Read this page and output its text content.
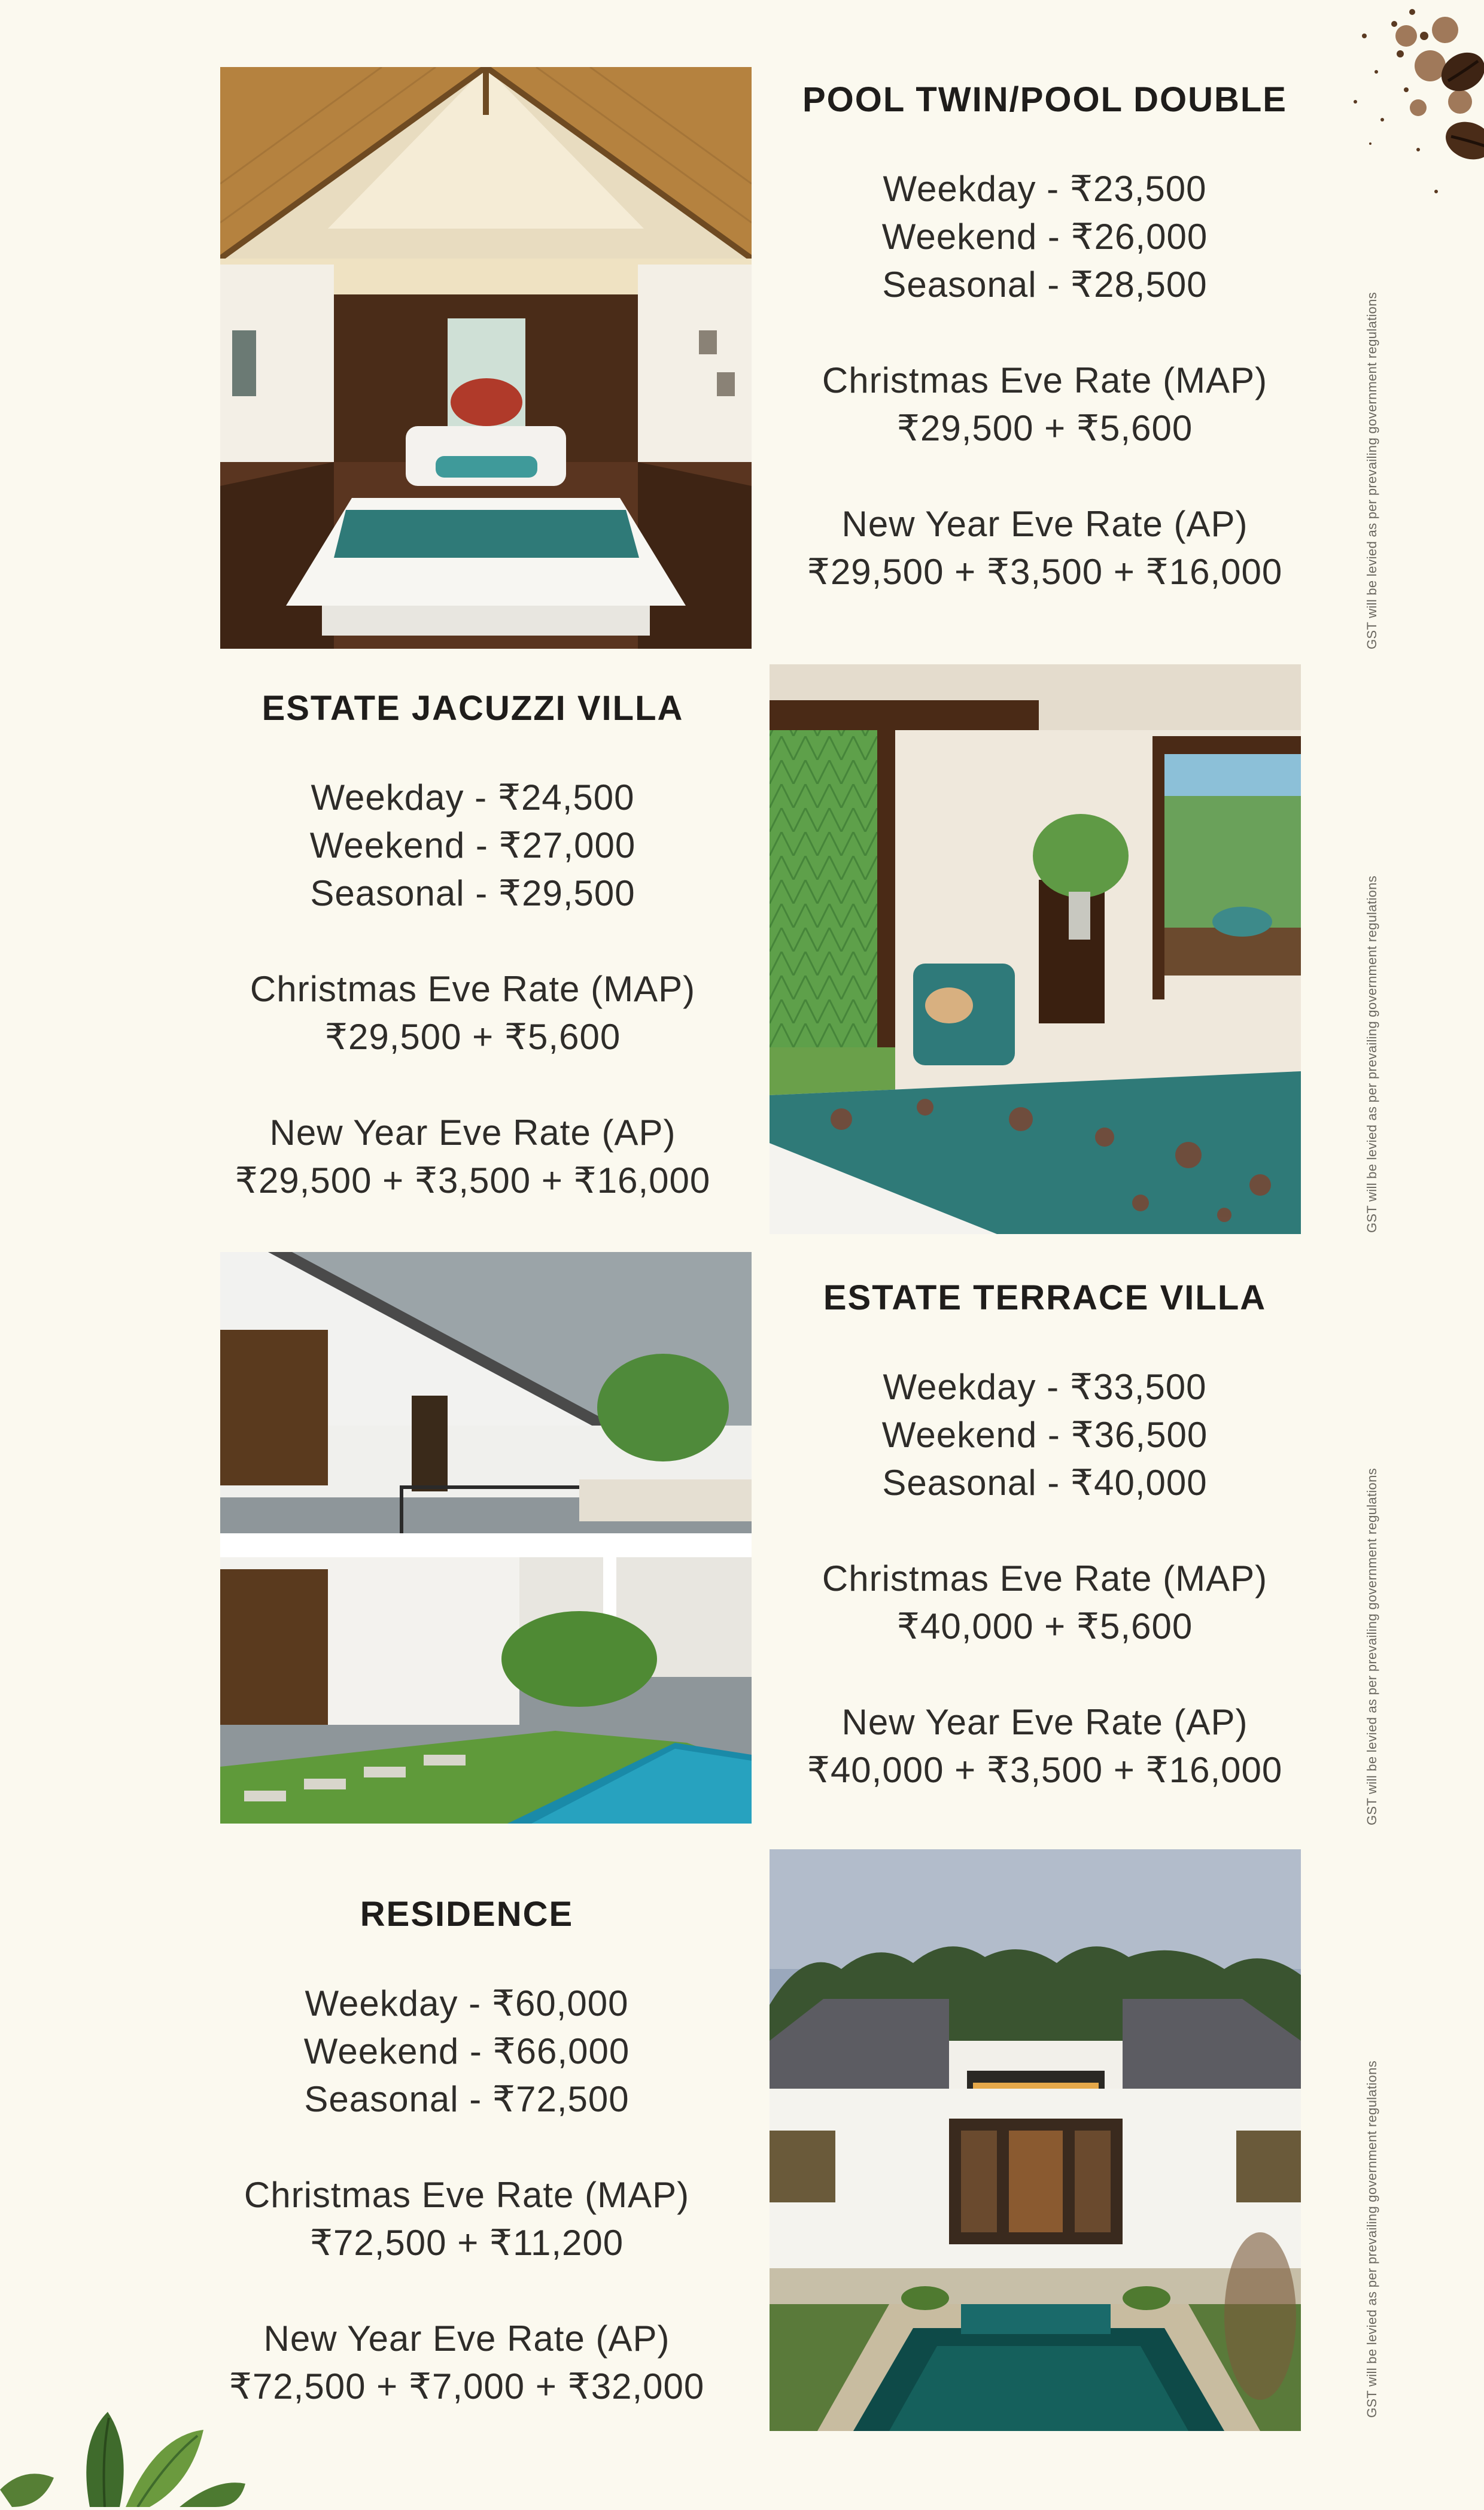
POOL TWIN/POOL DOUBLE

Weekday - ₹23,500

Weekend - ₹26,000

Seasonal - ₹28,500

Christmas Eve Rate (MAP)

₹29,500 + ₹5,600

New Year Eve Rate (AP)

₹29,500 + ₹3,500 + ₹16,000	GST will be levied as per prevailing government regulations

ESTATE JACUZZI VILLA

Weekday - ₹24,500

Weekend - ₹27,000

Seasonal - ₹29,500

Christmas Eve Rate (MAP)

₹29,500 + ₹5,600

New Year Eve Rate (AP)

₹29,500 + ₹3,500 + ₹16,000	GST will be levied as per prevailing government regulations

ESTATE TERRACE VILLA

Weekday - ₹33,500

Weekend - ₹36,500

Seasonal - ₹40,000

Christmas Eve Rate (MAP)

₹40,000 + ₹5,600

New Year Eve Rate (AP)

₹40,000 + ₹3,500 + ₹16,000	GST will be levied as per prevailing government regulations

RESIDENCE

Weekday - ₹60,000

Weekend - ₹66,000

Seasonal - ₹72,500

Christmas Eve Rate (MAP)

₹72,500 + ₹11,200

New Year Eve Rate (AP)

₹72,500 + ₹7,000 + ₹32,000	GST will be levied as per prevailing government regulations
